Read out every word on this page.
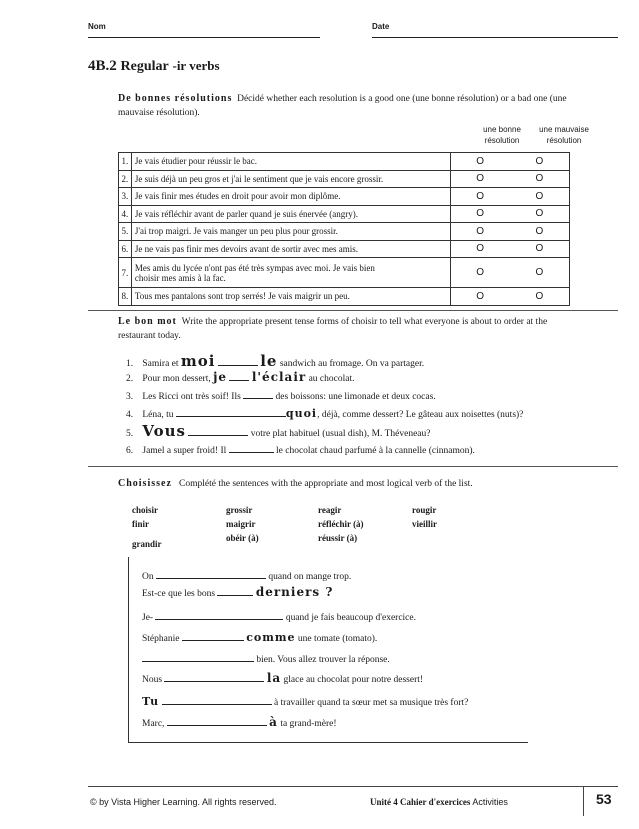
Nom	Date
4B.2 Regular -ir verbs
De bonnes résolutions Décidé whether each resolution is a good one (une bonne résolution) or a bad one (une mauvaise résolution).
une bonne résolution
une mauvaise résolution
1.	Je vais étudier pour réussir le bac.	O	O
2.	Je suis déjà un peu gros et j'ai le sentiment que je vais encore grossir.	O	O
3.	Je vais finir mes études en droit pour avoir mon diplôme.	O	O
4.	Je vais réfléchir avant de parler quand je suis énervée (angry).	O	O
5.	J'ai trop maigri. Je vais manger un peu plus pour grossir.	O	O
6.	Je ne vais pas finir mes devoirs avant de sortir avec mes amis.	O	O
7.	Mes amis du lycée n'ont pas été très sympas avec moi. Je vais bien
choisir mes amis à la fac.	O	O
8.	Tous mes pantalons sont trop serrés! Je vais maigrir un peu.	O	O
Le bon mot Write the appropriate present tense forms of choisir to tell what everyone is about to order at the restaurant today.
1. Samira et moi	le sandwich au fromage. On va partager.
2. Pour mon dessert, je l'éclair au chocolat.
3. Les Ricci ont très soif! Ils	des boissons: une limonade et deux cocas.
4. Léna, tu	quoi, déjà, comme dessert? Le gâteau aux noisettes (nuts)?
5. Vous	votre plat habituel (usual dish), M. Théveneau?
6. Jamel a super froid! Il	le chocolat chaud parfumé à la cannelle (cinnamon).
Choisissez Complété the sentences with the appropriate and most logical verb of the list.
choisir
finir
grandir
grossir
maigrir
obéir (à)
reagir
réfléchir (à)
réussir (à)
rougir
vieillir
On	quand on mange trop.
Est-ce que les bons	derniers ?
Je-	quand je fais beaucoup d'exercice.
Stéphanie	comme une tomate (tomato).
bien. Vous allez trouver la réponse.
Nous	la glace au chocolat pour notre dessert!
Tu	à travailler quand ta sœur met sa musique très fort?
Marc,	à ta grand-mère!
© by Vista Higher Learning. All rights reserved.	Unité 4 Cahier d'exercices Activities	53
